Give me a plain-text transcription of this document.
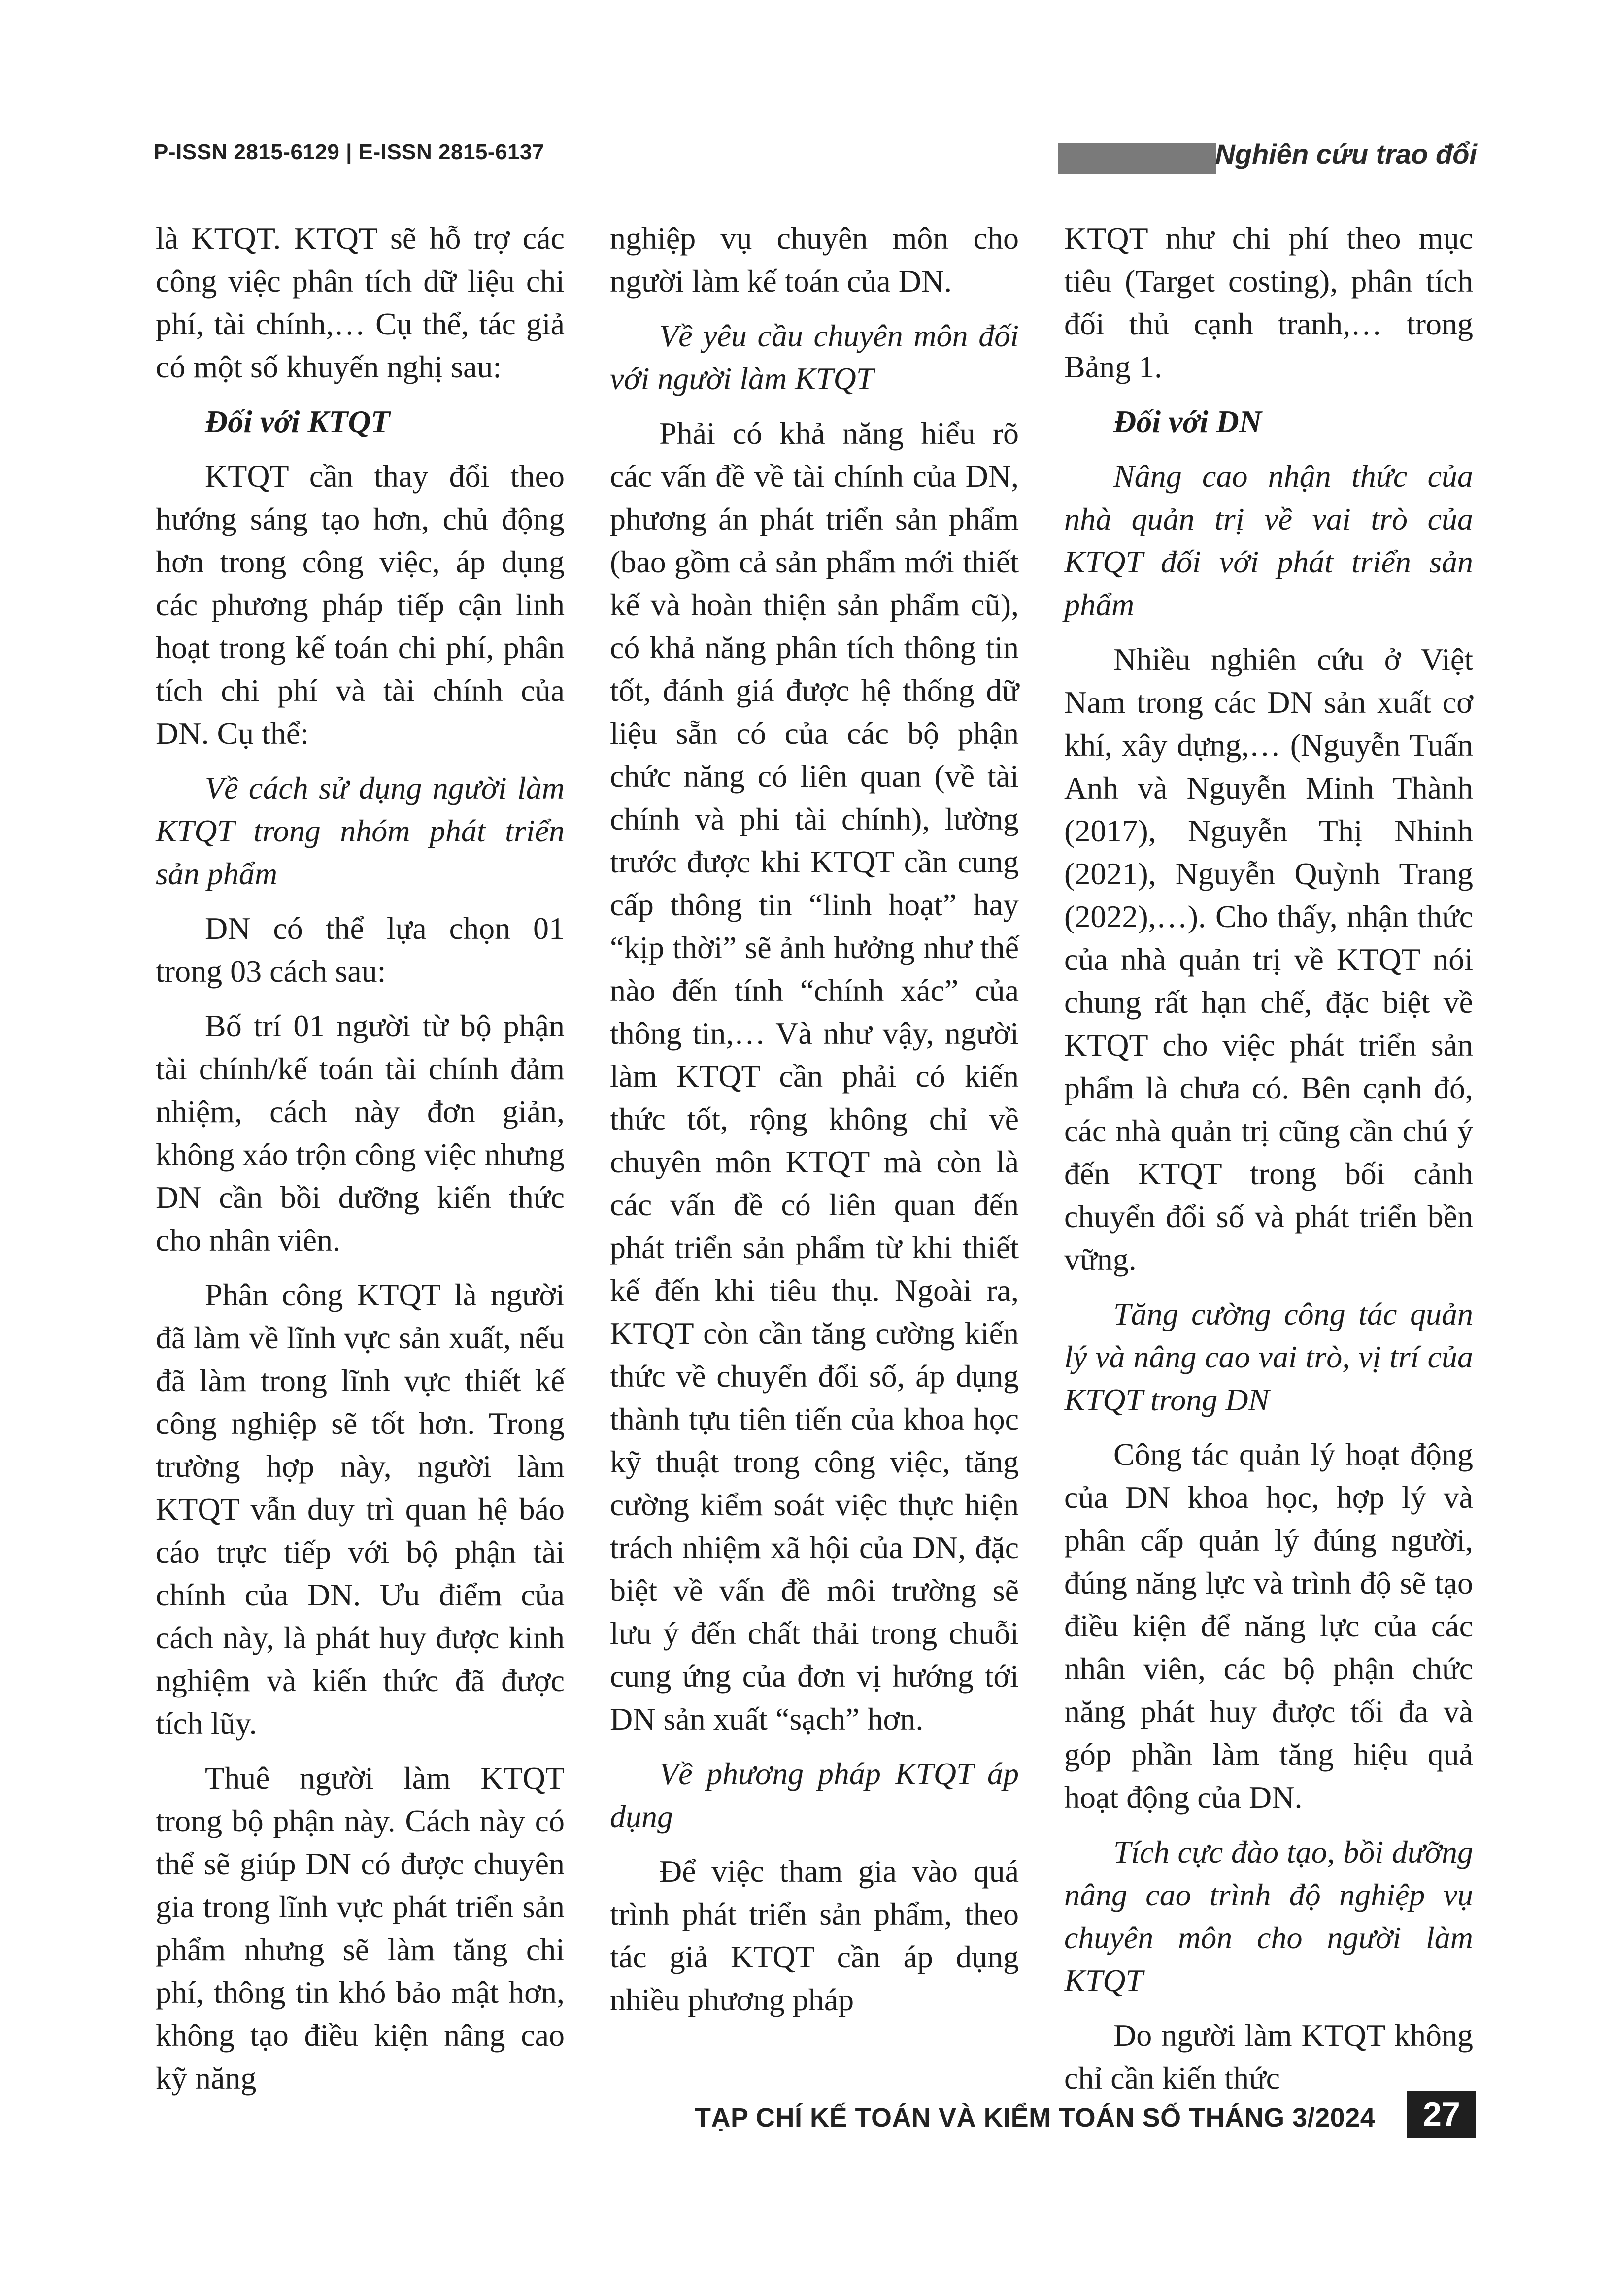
P-ISSN 2815-6129 | E-ISSN 2815-6137	Nghiên cứu trao đổi

là KTQT. KTQT sẽ hỗ trợ các công việc phân tích dữ liệu chi phí, tài chính,… Cụ thể, tác giả có một số khuyến nghị sau:

Đối với KTQT

KTQT cần thay đổi theo hướng sáng tạo hơn, chủ động hơn trong công việc, áp dụng các phương pháp tiếp cận linh hoạt trong kế toán chi phí, phân tích chi phí và tài chính của DN. Cụ thể:

Về cách sử dụng người làm KTQT trong nhóm phát triển sản phẩm

DN có thể lựa chọn 01 trong 03 cách sau:

Bố trí 01 người từ bộ phận tài chính/kế toán tài chính đảm nhiệm, cách này đơn giản, không xáo trộn công việc nhưng DN cần bồi dưỡng kiến thức cho nhân viên.

Phân công KTQT là người đã làm về lĩnh vực sản xuất, nếu đã làm trong lĩnh vực thiết kế công nghiệp sẽ tốt hơn. Trong trường hợp này, người làm KTQT vẫn duy trì quan hệ báo cáo trực tiếp với bộ phận tài chính của DN. Ưu điểm của cách này, là phát huy được kinh nghiệm và kiến thức đã được tích lũy.

Thuê người làm KTQT trong bộ phận này. Cách này có thể sẽ giúp DN có được chuyên gia trong lĩnh vực phát triển sản phẩm nhưng sẽ làm tăng chi phí, thông tin khó bảo mật hơn, không tạo điều kiện nâng cao kỹ năng

nghiệp vụ chuyên môn cho người làm kế toán của DN.

Về yêu cầu chuyên môn đối với người làm KTQT

Phải có khả năng hiểu rõ các vấn đề về tài chính của DN, phương án phát triển sản phẩm (bao gồm cả sản phẩm mới thiết kế và hoàn thiện sản phẩm cũ), có khả năng phân tích thông tin tốt, đánh giá được hệ thống dữ liệu sẵn có của các bộ phận chức năng có liên quan (về tài chính và phi tài chính), lường trước được khi KTQT cần cung cấp thông tin “linh hoạt” hay “kịp thời” sẽ ảnh hưởng như thế nào đến tính “chính xác” của thông tin,… Và như vậy, người làm KTQT cần phải có kiến thức tốt, rộng không chỉ về chuyên môn KTQT mà còn là các vấn đề có liên quan đến phát triển sản phẩm từ khi thiết kế đến khi tiêu thụ. Ngoài ra, KTQT còn cần tăng cường kiến thức về chuyển đổi số, áp dụng thành tựu tiên tiến của khoa học kỹ thuật trong công việc, tăng cường kiểm soát việc thực hiện trách nhiệm xã hội của DN, đặc biệt về vấn đề môi trường sẽ lưu ý đến chất thải trong chuỗi cung ứng của đơn vị hướng tới DN sản xuất “sạch” hơn.

Về phương pháp KTQT áp dụng

Để việc tham gia vào quá trình phát triển sản phẩm, theo tác giả KTQT cần áp dụng nhiều phương pháp

KTQT như chi phí theo mục tiêu (Target costing), phân tích đối thủ cạnh tranh,… trong Bảng 1.

Đối với DN

Nâng cao nhận thức của nhà quản trị về vai trò của KTQT đối với phát triển sản phẩm

Nhiều nghiên cứu ở Việt Nam trong các DN sản xuất cơ khí, xây dựng,… (Nguyễn Tuấn Anh và Nguyễn Minh Thành (2017), Nguyễn Thị Nhinh (2021), Nguyễn Quỳnh Trang (2022),…). Cho thấy, nhận thức của nhà quản trị về KTQT nói chung rất hạn chế, đặc biệt về KTQT cho việc phát triển sản phẩm là chưa có. Bên cạnh đó, các nhà quản trị cũng cần chú ý đến KTQT trong bối cảnh chuyển đổi số và phát triển bền vững.

Tăng cường công tác quản lý và nâng cao vai trò, vị trí của KTQT trong DN

Công tác quản lý hoạt động của DN khoa học, hợp lý và phân cấp quản lý đúng người, đúng năng lực và trình độ sẽ tạo điều kiện để năng lực của các nhân viên, các bộ phận chức năng phát huy được tối đa và góp phần làm tăng hiệu quả hoạt động của DN.

Tích cực đào tạo, bồi dưỡng nâng cao trình độ nghiệp vụ chuyên môn cho người làm KTQT

Do người làm KTQT không chỉ cần kiến thức

TẠP CHÍ KẾ TOÁN VÀ KIỂM TOÁN SỐ THÁNG 3/2024	27
